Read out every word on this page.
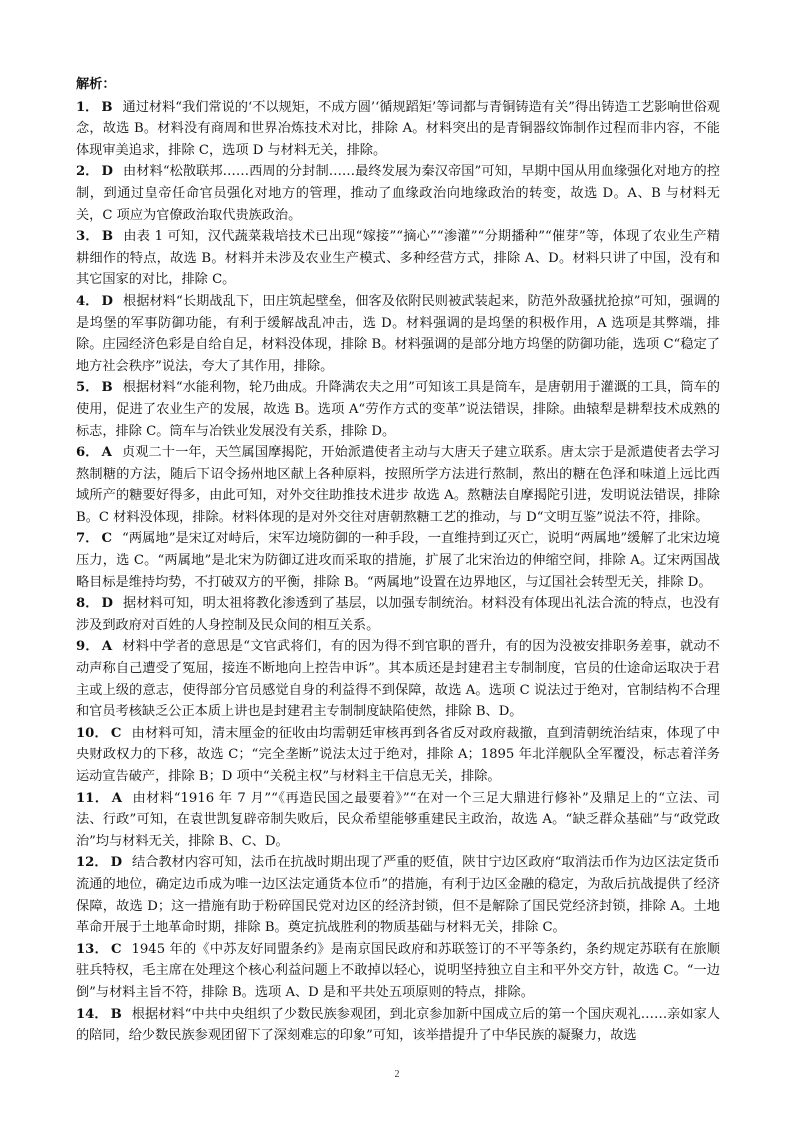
解析：

1． B 通过材料“我们常说的‘不以规矩，不成方圆’‘循规蹈矩’等词都与青铜铸造有关”得出铸造工艺影响世俗观念，故选 B。材料没有商周和世界冶炼技术对比，排除 A。材料突出的是青铜器纹饰制作过程而非内容，不能体现审美追求，排除 C，选项 D 与材料无关，排除。

2． D 由材料“松散联邦……西周的分封制……最终发展为秦汉帝国”可知，早期中国从用血缘强化对地方的控制，到通过皇帝任命官员强化对地方的管理，推动了血缘政治向地缘政治的转变，故选 D。A、B 与材料无关，C 项应为官僚政治取代贵族政治。

3． B 由表 1 可知，汉代蔬菜栽培技术已出现“嫁接”“摘心”“渗灌”“分期播种”“催芽”等，体现了农业生产精耕细作的特点，故选 B。材料并未涉及农业生产模式、多种经营方式，排除 A、D。材料只讲了中国，没有和其它国家的对比，排除 C。

4． D 根据材料“长期战乱下，田庄筑起壁垒，佃客及依附民则被武装起来，防范外敌骚扰抢掠”可知，强调的是坞堡的军事防御功能，有利于缓解战乱冲击，选 D。材料强调的是坞堡的积极作用，A 选项是其弊端，排除。庄园经济色彩是自给自足，材料没体现，排除 B。材料强调的是部分地方坞堡的防御功能，选项 C“稳定了地方社会秩序”说法，夸大了其作用，排除。

5． B 根据材料“水能利物，轮乃曲成。升降满农夫之用”可知该工具是筒车，是唐朝用于灌溉的工具，筒车的使用，促进了农业生产的发展，故选 B。选项 A“劳作方式的变革”说法错误，排除。曲辕犁是耕犁技术成熟的标志，排除 C。筒车与冶铁业发展没有关系，排除 D。

6． A 贞观二十一年，天竺属国摩揭陀，开始派遣使者主动与大唐天子建立联系。唐太宗于是派遣使者去学习熬制糖的方法，随后下诏令扬州地区献上各种原料，按照所学方法进行熬制，熬出的糖在色泽和味道上远比西域所产的糖要好得多，由此可知，对外交往助推技术进步 故选 A。熬糖法自摩揭陀引进，发明说法错误，排除 B。C 材料没体现，排除。材料体现的是对外交往对唐朝熬糖工艺的推动，与 D“文明互鉴”说法不符，排除。

7． C “两属地”是宋辽对峙后，宋军边境防御的一种手段，一直维持到辽灭亡，说明“两属地”缓解了北宋边境压力，选 C。“两属地”是北宋为防御辽进攻而采取的措施，扩展了北宋治边的伸缩空间，排除 A。辽宋两国战略目标是维持均势，不打破双方的平衡，排除 B。“两属地”设置在边界地区，与辽国社会转型无关，排除 D。

8． D 据材料可知，明太祖将教化渗透到了基层，以加强专制统治。材料没有体现出礼法合流的特点，也没有涉及到政府对百姓的人身控制及民众间的相互关系。

9． A 材料中学者的意思是“文官武将们，有的因为得不到官职的晋升，有的因为没被安排职务差事，就动不动声称自己遭受了冤屈，接连不断地向上控告申诉”。其本质还是封建君主专制制度，官员的仕途命运取决于君主或上级的意志，使得部分官员感觉自身的利益得不到保障，故选 A。选项 C 说法过于绝对，官制结构不合理和官员考核缺乏公正本质上讲也是封建君主专制制度缺陷使然，排除 B、D。

10． C 由材料可知，清末厘金的征收由均需朝廷审核再到各省反对政府裁撤，直到清朝统治结束，体现了中央财政权力的下移，故选 C；“完全垄断”说法太过于绝对，排除 A；1895 年北洋舰队全军覆没，标志着洋务运动宣告破产，排除 B；D 项中“关税主权”与材料主干信息无关，排除。

11． A 由材料“1916 年 7 月”“《再造民国之最要着》”“在对一个三足大鼎进行修补”及鼎足上的“立法、司法、行政”可知，在袁世凯复辟帝制失败后，民众希望能够重建民主政治，故选 A。“缺乏群众基础”与“政党政治”均与材料无关，排除 B、C、D。

12． D 结合教材内容可知，法币在抗战时期出现了严重的贬值，陕甘宁边区政府“取消法币作为边区法定货币流通的地位，确定边币成为唯一边区法定通货本位币”的措施，有利于边区金融的稳定，为敌后抗战提供了经济保障，故选 D；这一措施有助于粉碎国民党对边区的经济封锁，但不是解除了国民党经济封锁，排除 A。土地革命开展于土地革命时期，排除 B。奠定抗战胜利的物质基础与材料无关，排除 C。

13． C 1945 年的《中苏友好同盟条约》是南京国民政府和苏联签订的不平等条约，条约规定苏联有在旅顺驻兵特权，毛主席在处理这个核心利益问题上不敢掉以轻心，说明坚持独立自主和平外交方针，故选 C。“一边倒”与材料主旨不符，排除 B。选项 A、D 是和平共处五项原则的特点，排除。

14． B 根据材料“中共中央组织了少数民族参观团，到北京参加新中国成立后的第一个国庆观礼……亲如家人的陪同，给少数民族参观团留下了深刻难忘的印象”可知，该举措提升了中华民族的凝聚力，故选

2
